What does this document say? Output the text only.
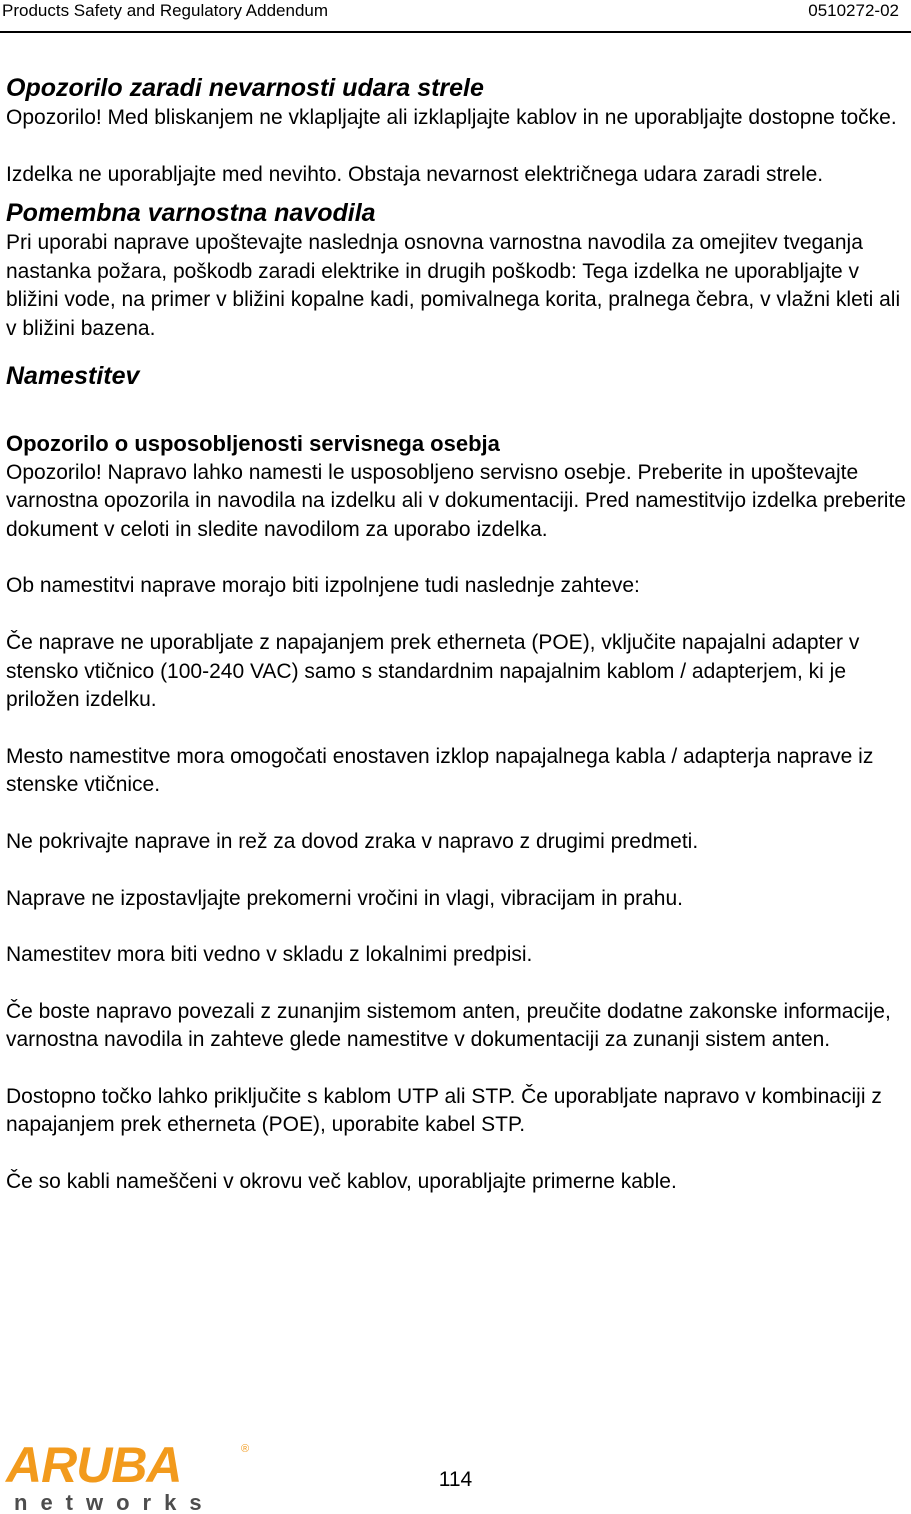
Products Safety and Regulatory Addendum	0510272-02
Opozorilo zaradi nevarnosti udara strele

Opozorilo! Med bliskanjem ne vklapljajte ali izklapljajte kablov in ne uporabljajte dostopne točke.

Izdelka ne uporabljajte med nevihto. Obstaja nevarnost električnega udara zaradi strele.

Pomembna varnostna navodila

Pri uporabi naprave upoštevajte naslednja osnovna varnostna navodila za omejitev tveganja nastanka požara, poškodb zaradi elektrike in drugih poškodb: Tega izdelka ne uporabljajte v bližini vode, na primer v bližini kopalne kadi, pomivalnega korita, pralnega čebra, v vlažni kleti ali v bližini bazena.

Namestitev
Opozorilo o usposobljenosti servisnega osebja

Opozorilo! Napravo lahko namesti le usposobljeno servisno osebje. Preberite in upoštevajte varnostna opozorila in navodila na izdelku ali v dokumentaciji. Pred namestitvijo izdelka preberite dokument v celoti in sledite navodilom za uporabo izdelka.

Ob namestitvi naprave morajo biti izpolnjene tudi naslednje zahteve:

Če naprave ne uporabljate z napajanjem prek etherneta (POE), vključite napajalni adapter v stensko vtičnico (100-240 VAC) samo s standardnim napajalnim kablom / adapterjem, ki je priložen izdelku.

Mesto namestitve mora omogočati enostaven izklop napajalnega kabla / adapterja naprave iz stenske vtičnice.

Ne pokrivajte naprave in rež za dovod zraka v napravo z drugimi predmeti.

Naprave ne izpostavljajte prekomerni vročini in vlagi, vibracijam in prahu.

Namestitev mora biti vedno v skladu z lokalnimi predpisi.

Če boste napravo povezali z zunanjim sistemom anten, preučite dodatne zakonske informacije, varnostna navodila in zahteve glede namestitve v dokumentaciji za zunanji sistem anten.

Dostopno točko lahko priključite s kablom UTP ali STP. Če uporabljate napravo v kombinaciji z napajanjem prek etherneta (POE), uporabite kabel STP.

Če so kabli nameščeni v okrovu več kablov, uporabljajte primerne kable.

ARUBA	®
networks
114
